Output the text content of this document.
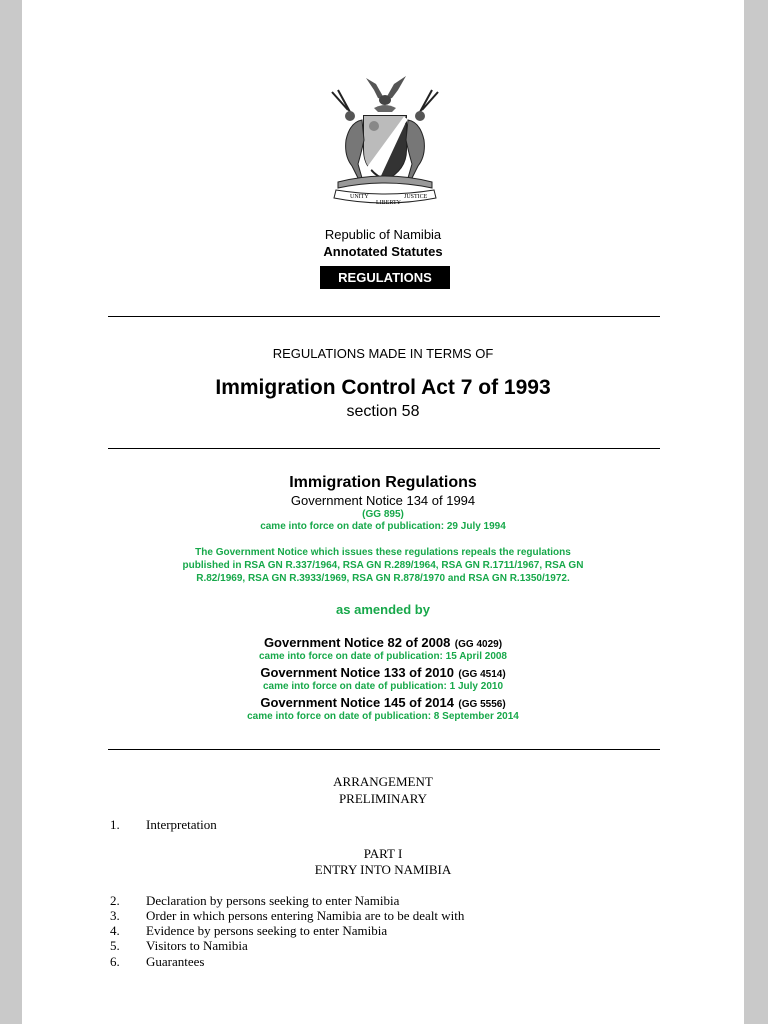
UNITY
LIBERTY
JUSTICE
Republic of Namibia
Annotated Statutes
REGULATIONS
REGULATIONS MADE IN TERMS OF
Immigration Control Act 7 of 1993
section 58
Immigration Regulations
Government Notice 134 of 1994
(GG 895)
came into force on date of publication: 29 July 1994
The Government Notice which issues these regulations repeals the regulations
published in RSA GN R.337/1964, RSA GN R.289/1964, RSA GN R.1711/1967, RSA GN
R.82/1969, RSA GN R.3933/1969, RSA GN R.878/1970 and RSA GN R.1350/1972.
as amended by
Government Notice 82 of 2008 (GG 4029)
came into force on date of publication: 15 April 2008
Government Notice 133 of 2010 (GG 4514)
came into force on date of publication: 1 July 2010
Government Notice 145 of 2014 (GG 5556)
came into force on date of publication: 8 September 2014
ARRANGEMENT
PRELIMINARY
1. Interpretation
PART I
ENTRY INTO NAMIBIA
2. Declaration by persons seeking to enter Namibia
3. Order in which persons entering Namibia are to be dealt with
4. Evidence by persons seeking to enter Namibia
5. Visitors to Namibia
6. Guarantees
